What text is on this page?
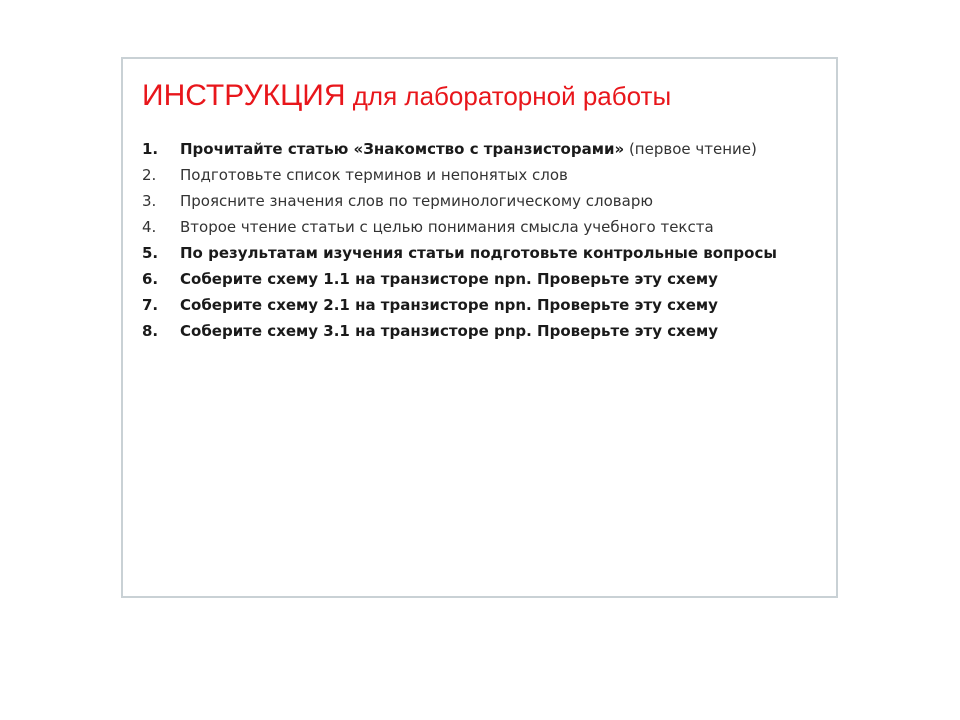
ИНСТРУКЦИЯ для лабораторной работы
1.	Прочитайте статью «Знакомство с транзисторами» (первое чтение)
2.	Подготовьте список терминов и непонятых слов
3.	Проясните значения слов по терминологическому словарю
4.	Второе чтение статьи с целью понимания смысла учебного текста
5.	По результатам изучения статьи подготовьте контрольные вопросы
6.	Соберите схему 1.1 на транзисторе npn. Проверьте эту схему
7.	Соберите схему 2.1 на транзисторе npn. Проверьте эту схему
8.	Соберите схему 3.1 на транзисторе pnp. Проверьте эту схему
